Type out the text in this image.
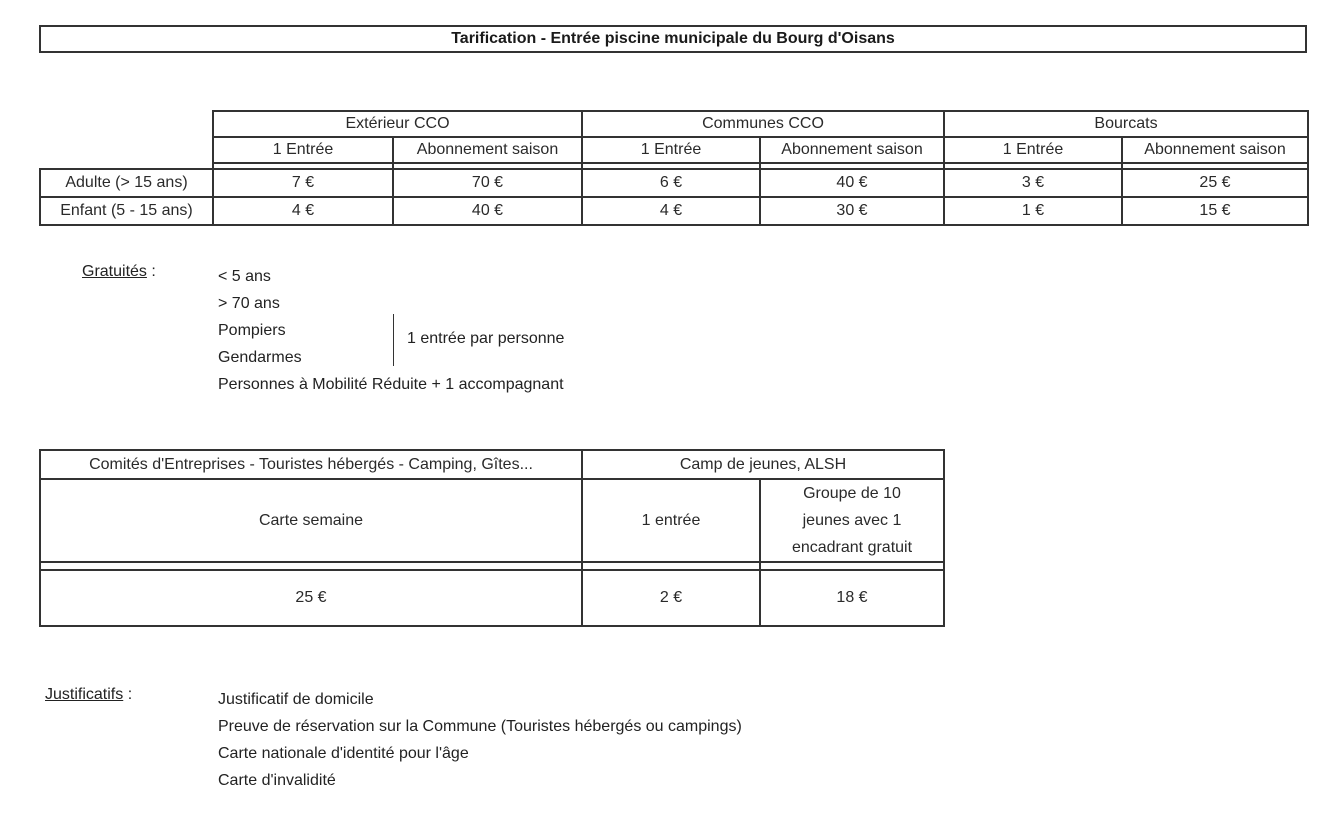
Tarification - Entrée piscine municipale du Bourg d'Oisans
	Extérieur CCO		Communes CCO		Bourcats	
	1 Entrée	Abonnement saison	1 Entrée	Abonnement saison	1 Entrée	Abonnement saison

Adulte (> 15 ans)	7 €	70 €	6 €	40 €	3 €	25 €
Enfant (5 - 15 ans)	4 €	40 €	4 €	30 €	1 €	15 €
Gratuités :	< 5 ans
> 70 ans
Pompiers
Gendarmes
Personnes à Mobilité Réduite + 1 accompagnant
1 entrée par personne
Comités d'Entreprises - Touristes hébergés - Camping, Gîtes...	Camp de jeunes, ALSH	
Carte semaine	1 entrée	Groupe de 10
jeunes avec 1
encadrant gratuit

25 €	2 €	18 €
Justificatifs :	Justificatif de domicile
Preuve de réservation sur la Commune (Touristes hébergés ou campings)
Carte nationale d'identité pour l'âge
Carte d'invalidité
